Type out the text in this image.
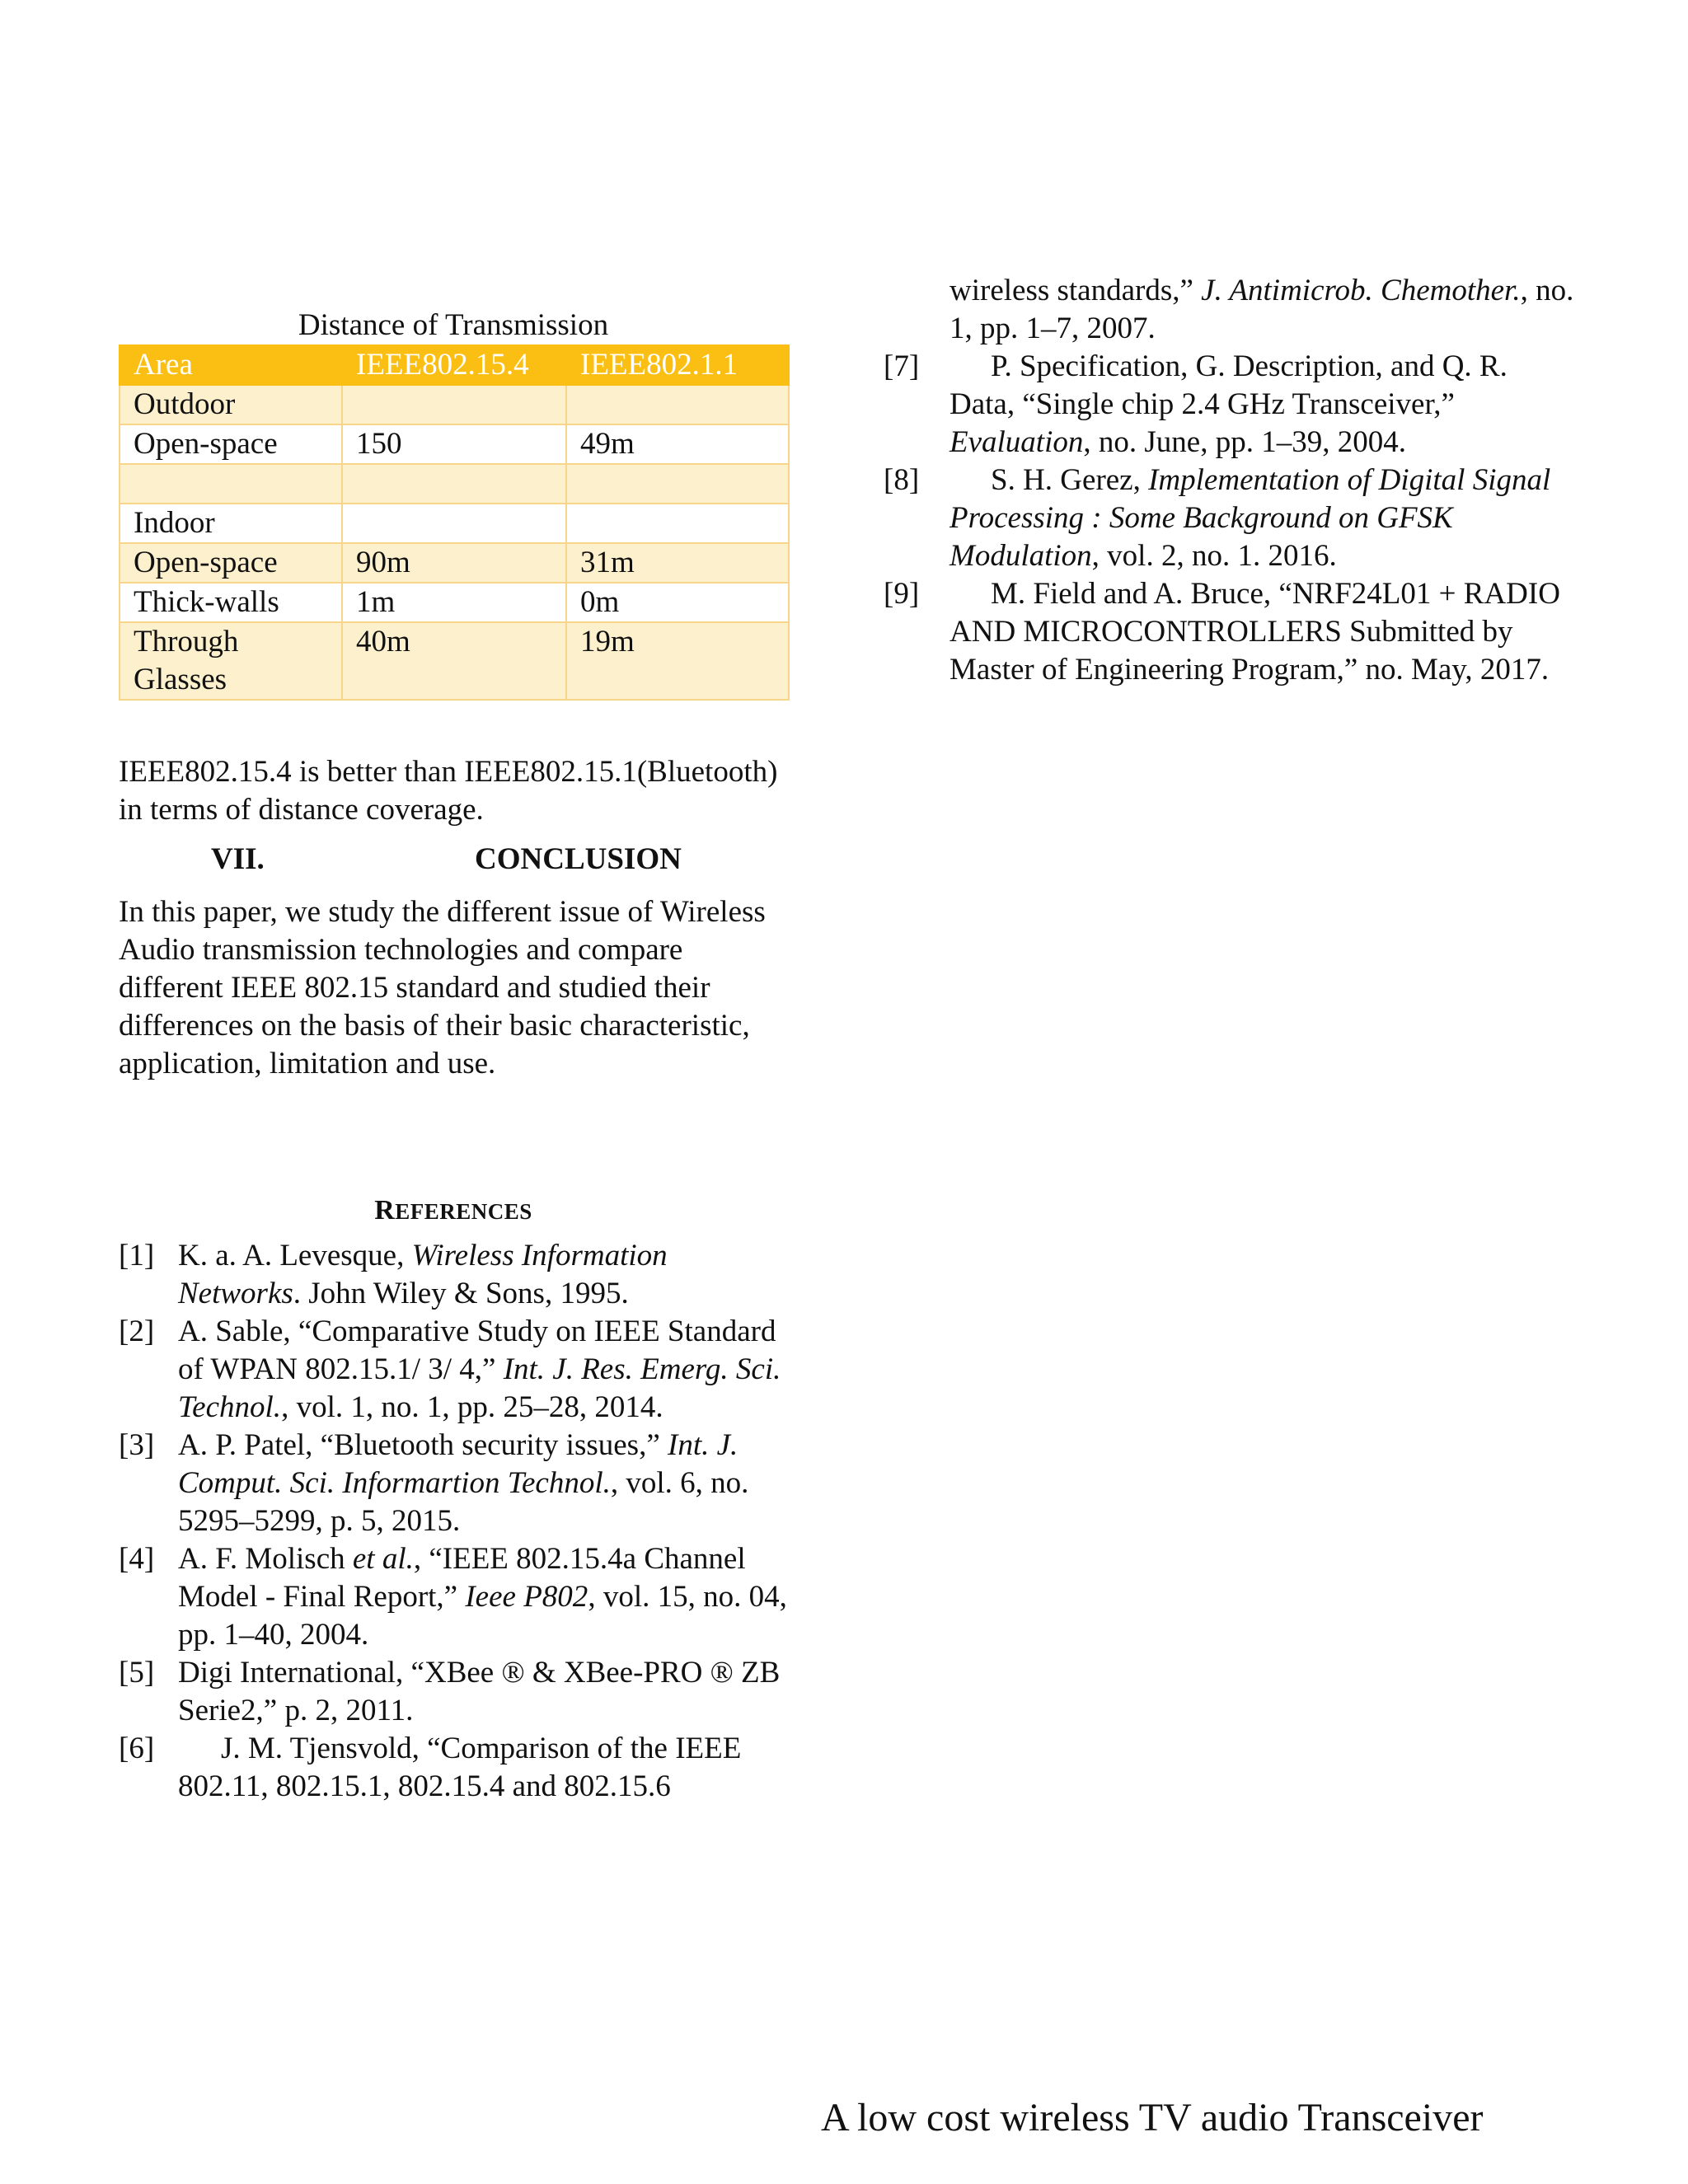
Distance of Transmission
Area	IEEE802.15.4	IEEE802.1.1
Outdoor		
Open-space	150	49m

Indoor		
Open-space	90m	31m
Thick-walls	1m	0m
Through Glasses	40m	19m

IEEE802.15.4 is better than IEEE802.15.1(Bluetooth) in terms of distance coverage.

VII.	CONCLUSION

In this paper, we study the different issue of Wireless Audio transmission technologies and compare different IEEE 802.15 standard and studied their differences on the basis of their basic characteristic, application, limitation and use.

REFERENCES
[1] K. a. A. Levesque, Wireless Information Networks. John Wiley & Sons, 1995.
[2] A. Sable, “Comparative Study on IEEE Standard of WPAN 802.15.1/ 3/ 4,” Int. J. Res. Emerg. Sci. Technol., vol. 1, no. 1, pp. 25–28, 2014.
[3] A. P. Patel, “Bluetooth security issues,” Int. J. Comput. Sci. Informartion Technol., vol. 6, no. 5295–5299, p. 5, 2015.
[4] A. F. Molisch et al., “IEEE 802.15.4a Channel Model - Final Report,” Ieee P802, vol. 15, no. 04, pp. 1–40, 2004.
[5] Digi International, “XBee ® & XBee-PRO ® ZB Serie2,” p. 2, 2011.
[6]	J. M. Tjensvold, “Comparison of the IEEE 802.11, 802.15.1, 802.15.4 and 802.15.6
wireless standards,” J. Antimicrob. Chemother., no. 1, pp. 1–7, 2007.
[7]	P. Specification, G. Description, and Q. R. Data, “Single chip 2.4 GHz Transceiver,” Evaluation, no. June, pp. 1–39, 2004.
[8]	S. H. Gerez, Implementation of Digital Signal Processing : Some Background on GFSK Modulation, vol. 2, no. 1. 2016.
[9]	M. Field and A. Bruce, “NRF24L01 + RADIO AND MICROCONTROLLERS Submitted by Master of Engineering Program,” no. May, 2017.
A low cost wireless TV audio Transceiver
